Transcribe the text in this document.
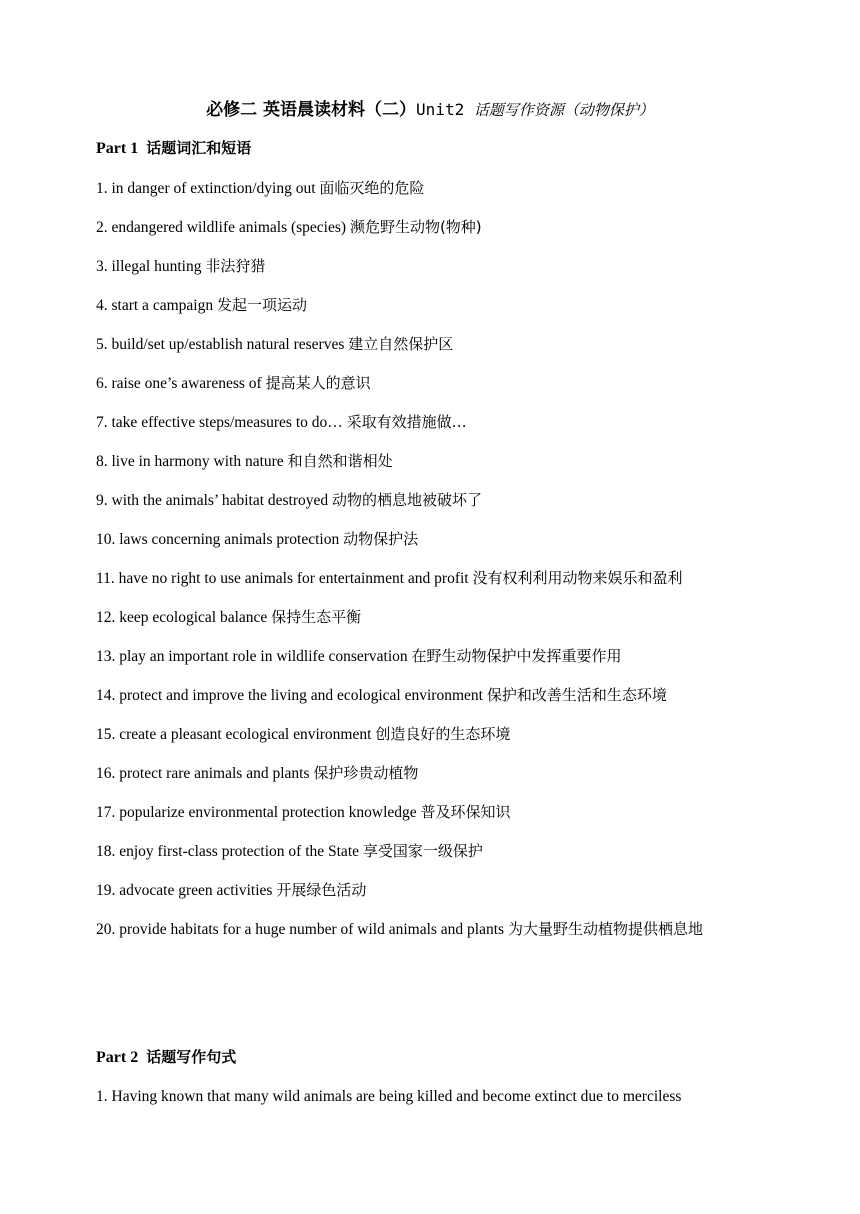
必修二 英语晨读材料（二）Unit2 话题写作资源（动物保护）
Part 1 话题词汇和短语
1. in danger of extinction/dying out 面临灭绝的危险
2. endangered wildlife animals (species) 濒危野生动物(物种)
3. illegal hunting 非法狩猎
4. start a campaign 发起一项运动
5. build/set up/establish natural reserves 建立自然保护区
6. raise one’s awareness of 提高某人的意识
7. take effective steps/measures to do… 采取有效措施做…
8. live in harmony with nature 和自然和谐相处
9. with the animals’ habitat destroyed 动物的栖息地被破坏了
10. laws concerning animals protection 动物保护法
11. have no right to use animals for entertainment and profit 没有权利利用动物来娱乐和盈利
12. keep ecological balance 保持生态平衡
13. play an important role in wildlife conservation 在野生动物保护中发挥重要作用
14. protect and improve the living and ecological environment 保护和改善生活和生态环境
15. create a pleasant ecological environment 创造良好的生态环境
16. protect rare animals and plants 保护珍贵动植物
17. popularize environmental protection knowledge 普及环保知识
18. enjoy first-class protection of the State 享受国家一级保护
19. advocate green activities 开展绿色活动
20. provide habitats for a huge number of wild animals and plants 为大量野生动植物提供栖息地
Part 2 话题写作句式
1. Having known that many wild animals are being killed and become extinct due to merciless
